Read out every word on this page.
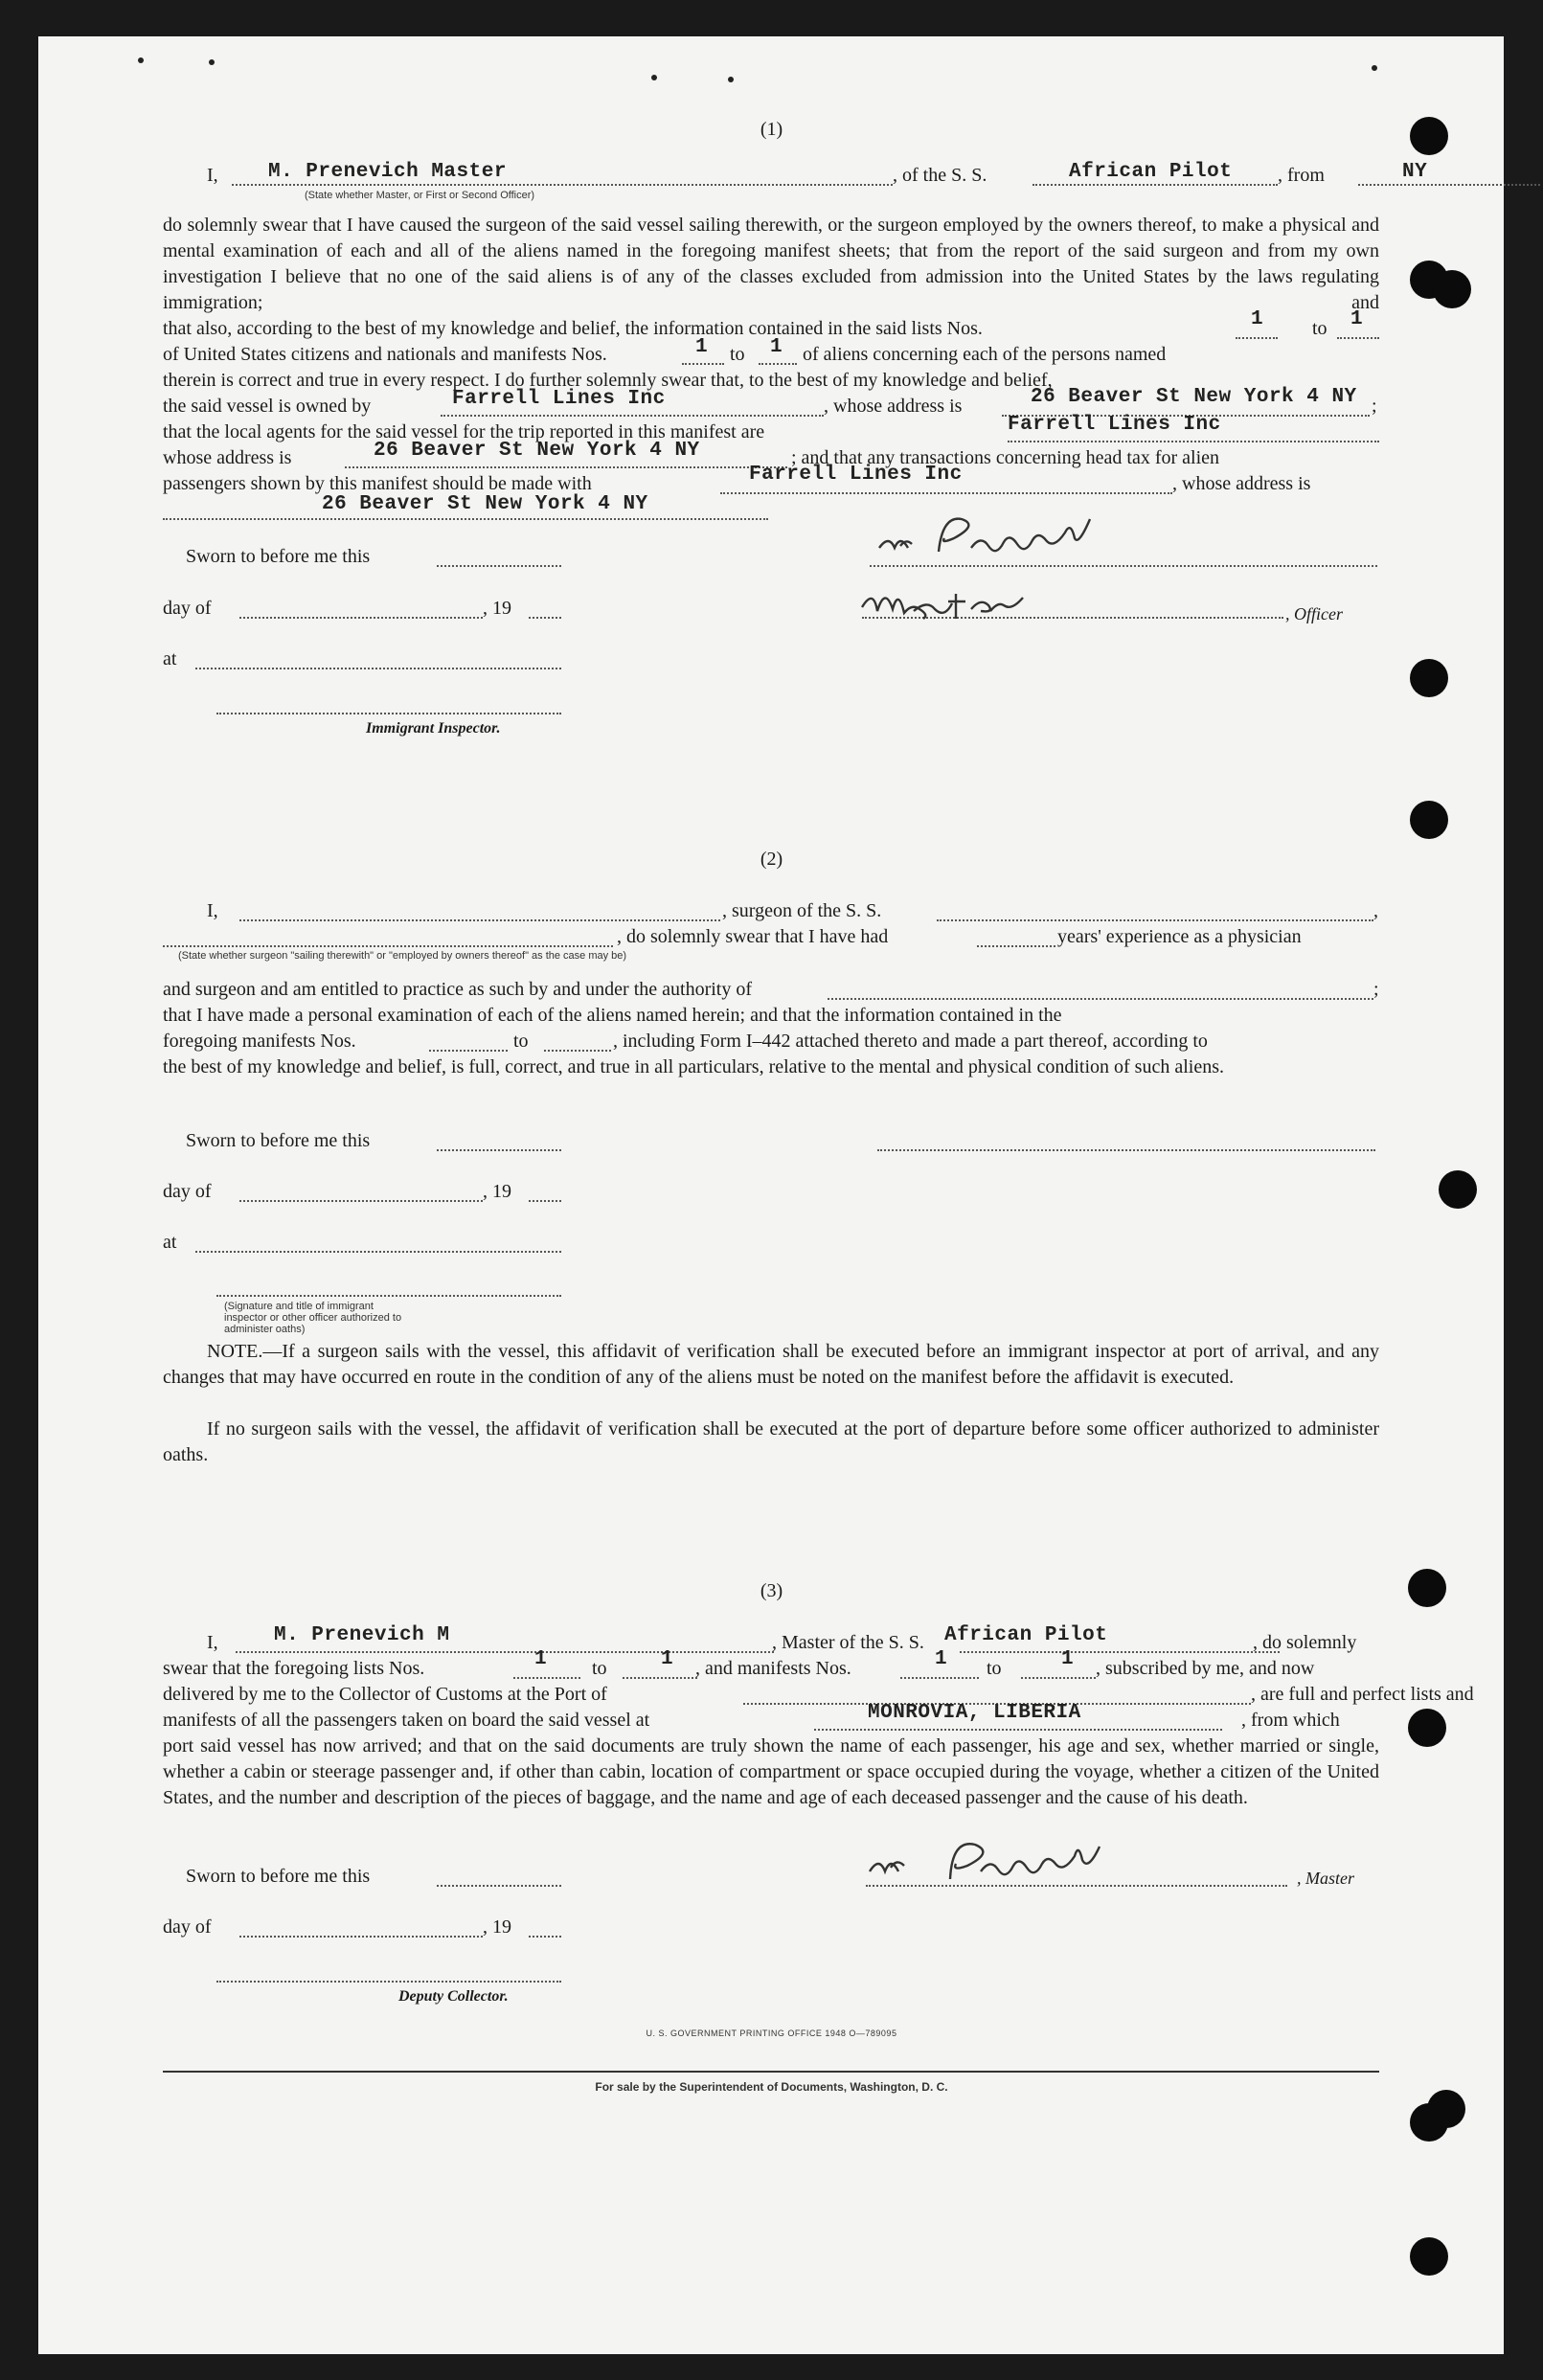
(1)
I, M. Prenevich Master	, of the S. S.	African Pilot , from	NY
(State whether Master, or First or Second Officer)

do solemnly swear that I have caused the surgeon of the said vessel sailing therewith, or the surgeon employed by the owners thereof, to make a physical and mental examination of each and all of the aliens named in the foregoing manifest sheets; that from the report of the said surgeon and from my own investigation I believe that no one of the said aliens is of any of the classes excluded from admission into the United States by the laws regulating immigration; and

that also, according to the best of my knowledge and belief, the information contained in the said lists Nos.	1	to 1
of United States citizens and nationals and manifests Nos.	1 to 1 of aliens concerning each of the persons named
therein is correct and true in every respect. I do further solemnly swear that, to the best of my knowledge and belief,
the said vessel is owned by	Farrell Lines Inc	, whose address is	26 Beaver St New York 4 NY ;
that the local agents for the said vessel for the trip reported in this manifest are	Farrell Lines Inc
whose address is	26 Beaver St New York 4 NY	; and that any transactions concerning head tax for alien
passengers shown by this manifest should be made with	Farrell Lines Inc	, whose address is
26 Beaver St New York 4 NY
Sworn to before me this
day of	, 19	, Officer
at
Immigrant Inspector.
(2)
I,	, surgeon of the S. S.	,
, do solemnly swear that I have had	years' experience as a physician
(State whether surgeon "sailing therewith" or "employed by owners thereof" as the case may be)
and surgeon and am entitled to practice as such by and under the authority of	;
that I have made a personal examination of each of the aliens named herein; and that the information contained in the
foregoing manifests Nos.	to	, including Form I–442 attached thereto and made a part thereof, according to

the best of my knowledge and belief, is full, correct, and true in all particulars, relative to the mental and physical condition of such aliens.

Sworn to before me this
day of	, 19
at
(Signature and title of immigrant inspector or other officer authorized to administer oaths)

NOTE.—If a surgeon sails with the vessel, this affidavit of verification shall be executed before an immigrant inspector at port of arrival, and any changes that may have occurred en route in the condition of any of the aliens must be noted on the manifest before the affidavit is executed.

If no surgeon sails with the vessel, the affidavit of verification shall be executed at the port of departure before some officer authorized to administer oaths.

(3)
I,	M. Prenevich M	, Master of the S. S. African Pilot	, do solemnly
swear that the foregoing lists Nos.	1 to	1 , and manifests Nos.	1 to	1 , subscribed by me, and now
delivered by me to the Collector of Customs at the Port of	, are full and perfect lists and
manifests of all the passengers taken on board the said vessel at	MONROVIA, LIBERIA	, from which

port said vessel has now arrived; and that on the said documents are truly shown the name of each passenger, his age and sex, whether married or single, whether a cabin or steerage passenger and, if other than cabin, location of compartment or space occupied during the voyage, whether a citizen of the United States, and the number and description of the pieces of baggage, and the name and age of each deceased passenger and the cause of his death.

Sworn to before me this	, Master
day of	, 19
Deputy Collector.
U. S. GOVERNMENT PRINTING OFFICE 1948 O—789095
For sale by the Superintendent of Documents, Washington, D. C.
